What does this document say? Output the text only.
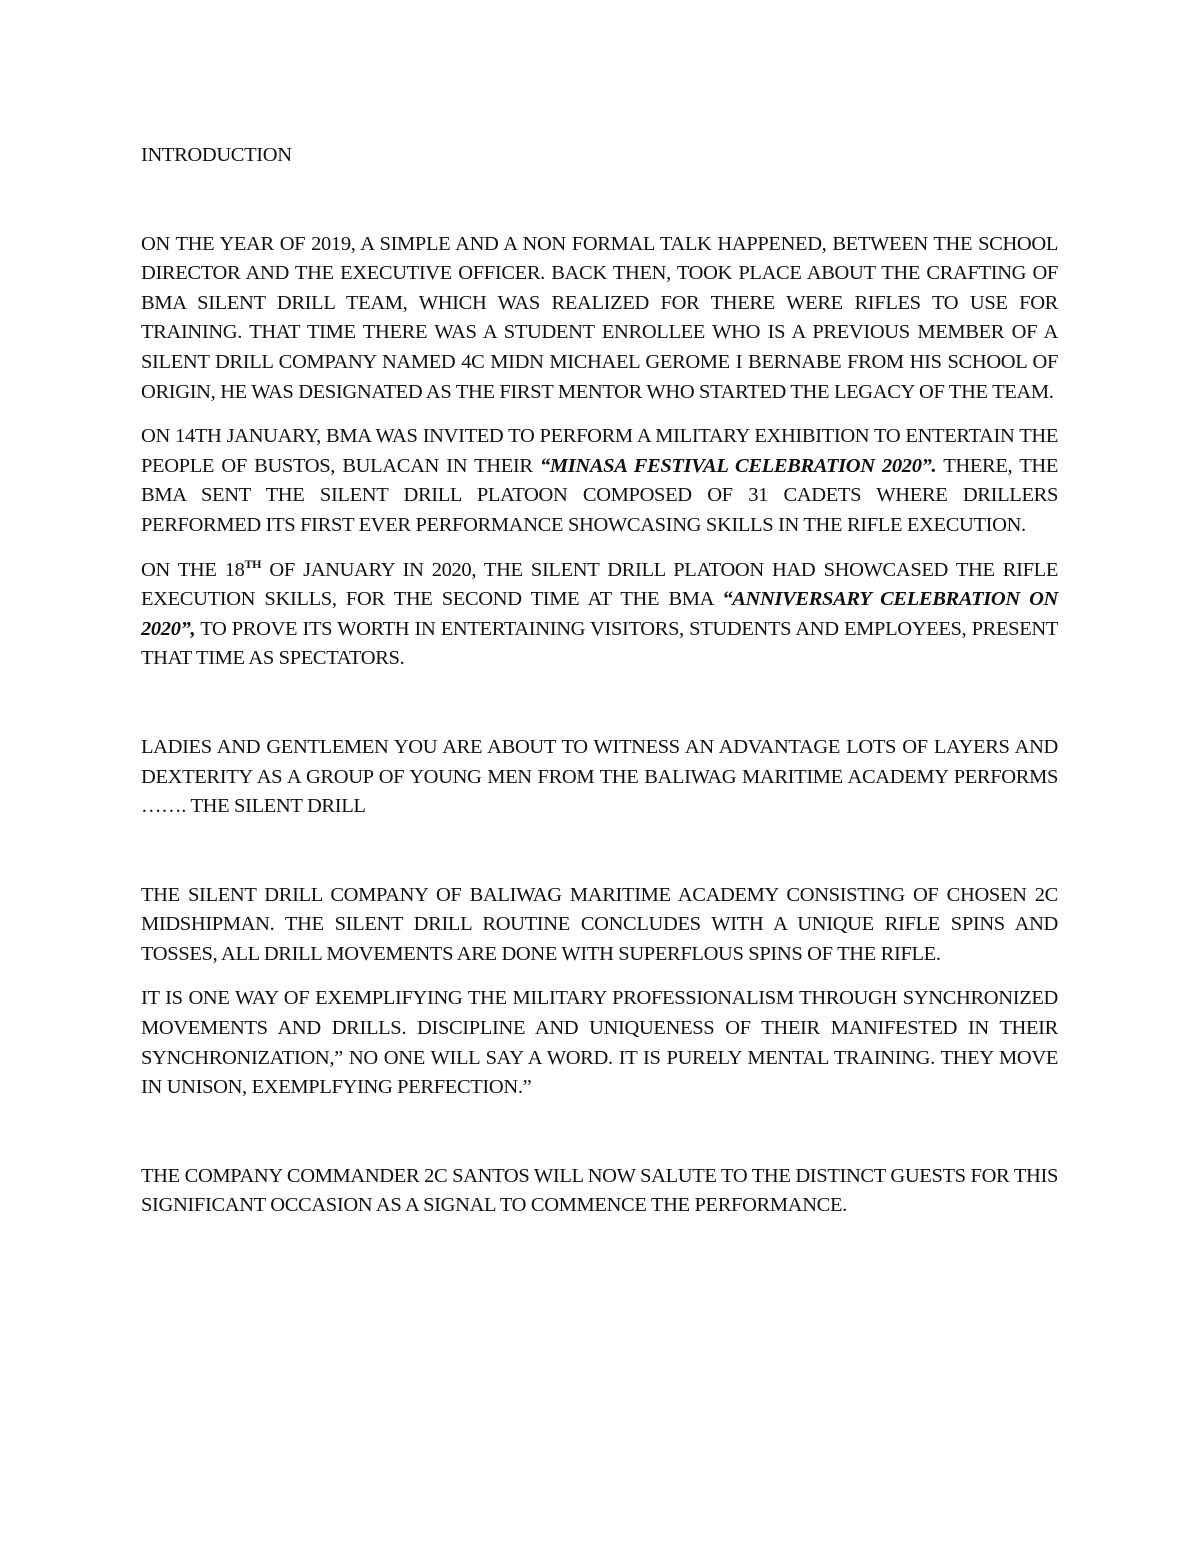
INTRODUCTION

ON THE YEAR OF 2019, A SIMPLE AND A NON FORMAL TALK HAPPENED, BETWEEN THE SCHOOL DIRECTOR AND THE EXECUTIVE OFFICER. BACK THEN, TOOK PLACE ABOUT THE CRAFTING OF BMA SILENT DRILL TEAM, WHICH WAS REALIZED FOR THERE WERE RIFLES TO USE FOR TRAINING. THAT TIME THERE WAS A STUDENT ENROLLEE WHO IS A PREVIOUS MEMBER OF A SILENT DRILL COMPANY NAMED 4C MIDN MICHAEL GEROME I BERNABE FROM HIS SCHOOL OF ORIGIN, HE WAS DESIGNATED AS THE FIRST MENTOR WHO STARTED THE LEGACY OF THE TEAM.

ON 14TH JANUARY, BMA WAS INVITED TO PERFORM A MILITARY EXHIBITION TO ENTERTAIN THE PEOPLE OF BUSTOS, BULACAN IN THEIR “MINASA FESTIVAL CELEBRATION 2020”. THERE, THE BMA SENT THE SILENT DRILL PLATOON COMPOSED OF 31 CADETS WHERE DRILLERS PERFORMED ITS FIRST EVER PERFORMANCE SHOWCASING SKILLS IN THE RIFLE EXECUTION.

ON THE 18TH OF JANUARY IN 2020, THE SILENT DRILL PLATOON HAD SHOWCASED THE RIFLE EXECUTION SKILLS, FOR THE SECOND TIME AT THE BMA “ANNIVERSARY CELEBRATION ON 2020”, TO PROVE ITS WORTH IN ENTERTAINING VISITORS, STUDENTS AND EMPLOYEES, PRESENT THAT TIME AS SPECTATORS.

LADIES AND GENTLEMEN YOU ARE ABOUT TO WITNESS AN ADVANTAGE LOTS OF LAYERS AND DEXTERITY AS A GROUP OF YOUNG MEN FROM THE BALIWAG MARITIME ACADEMY PERFORMS ……. THE SILENT DRILL

THE SILENT DRILL COMPANY OF BALIWAG MARITIME ACADEMY CONSISTING OF CHOSEN 2C MIDSHIPMAN. THE SILENT DRILL ROUTINE CONCLUDES WITH A UNIQUE RIFLE SPINS AND TOSSES, ALL DRILL MOVEMENTS ARE DONE WITH SUPERFLOUS SPINS OF THE RIFLE.

IT IS ONE WAY OF EXEMPLIFYING THE MILITARY PROFESSIONALISM THROUGH SYNCHRONIZED MOVEMENTS AND DRILLS. DISCIPLINE AND UNIQUENESS OF THEIR MANIFESTED IN THEIR SYNCHRONIZATION,” NO ONE WILL SAY A WORD. IT IS PURELY MENTAL TRAINING. THEY MOVE IN UNISON, EXEMPLFYING PERFECTION.”

THE COMPANY COMMANDER 2C SANTOS WILL NOW SALUTE TO THE DISTINCT GUESTS FOR THIS SIGNIFICANT OCCASION AS A SIGNAL TO COMMENCE THE PERFORMANCE.
